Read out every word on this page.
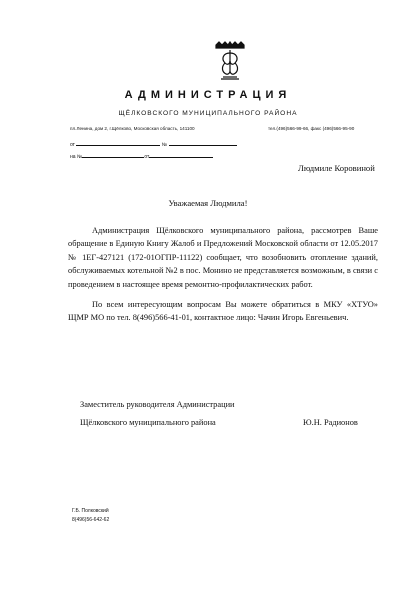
АДМИНИСТРАЦИЯ
ЩЁЛКОВСКОГО МУНИЦИПАЛЬНОГО РАЙОНА
пл.Ленина, дом 2, г.Щёлково, Московская область, 141100	тел.(496)566-99-66, факс (496)566-95-90
от	№
на №	от
Людмиле Коровиной
Уважаемая Людмила!

Администрация Щёлковского муниципального района, рассмотрев Ваше обращение в Единую Книгу Жалоб и Предложений Московской области от 12.05.2017 № 1ЕГ-427121 (172-01ОГПР-11122) сообщает, что возобновить отопление зданий, обслуживаемых котельной №2 в пос. Монино не представляется возможным, в связи с проведением в настоящее время ремонтно-профилактических работ.

По всем интересующим вопросам Вы можете обратиться в МКУ «ХТУО» ЩМР МО по тел. 8(496)566-41-01, контактное лицо: Чачин Игорь Евгеньевич.

Заместитель руководителя Администрации
Щёлковского муниципального района	Ю.Н. Радионов
Г.Б. Полковский
8(496)56-642-62
